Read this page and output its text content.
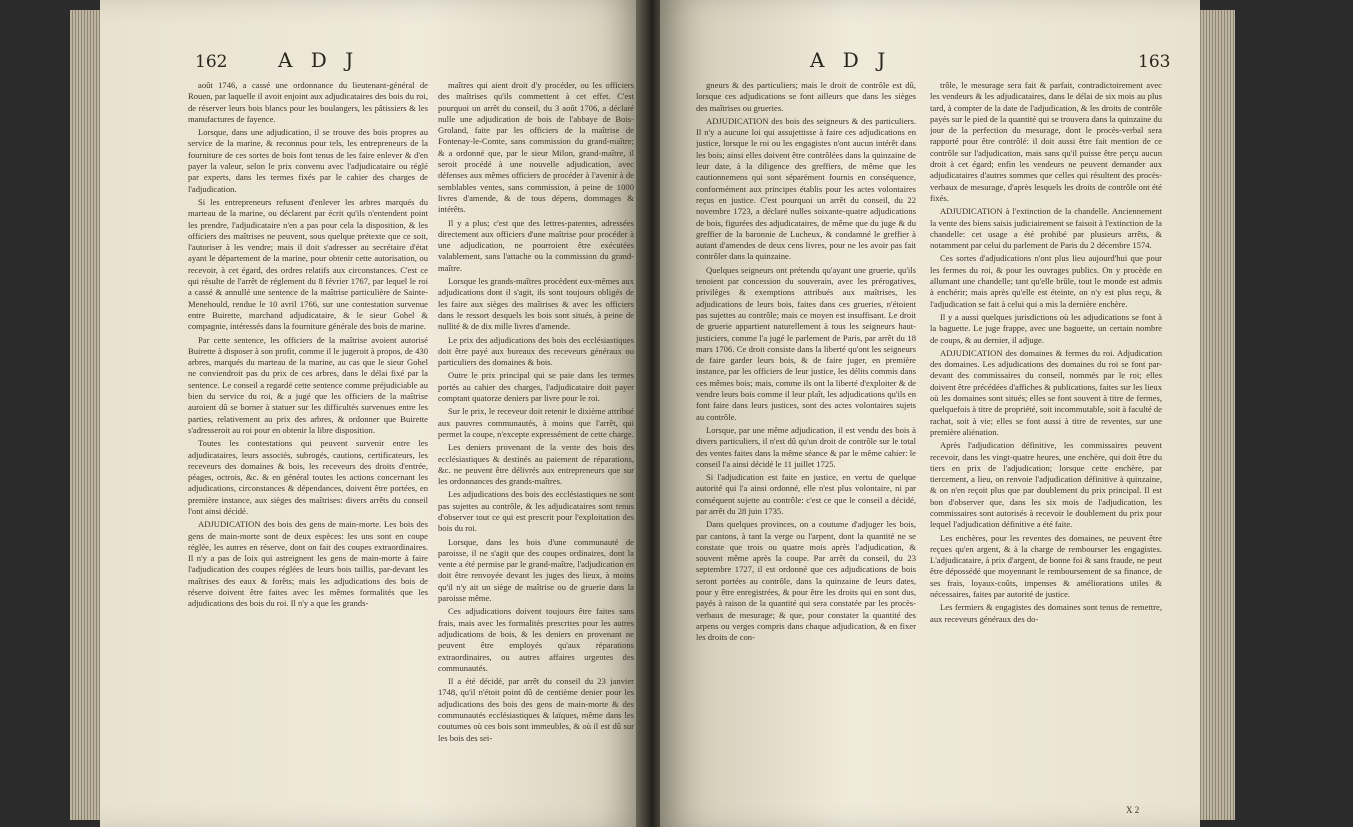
162	A D J

août 1746, a cassé une ordonnance du lieutenant-général de Rouen, par laquelle il avoit enjoint aux adjudicataires des bois du roi, de réserver leurs bois blancs pour les boulangers, les pâtissiers & les manufactures de fayence.

Lorsque, dans une adjudication, il se trouve des bois propres au service de la marine, & reconnus pour tels, les entrepreneurs de la fourniture de ces sortes de bois font tenus de les faire enlever & d'en payer la valeur, selon le prix convenu avec l'adjudicataire ou réglé par experts, dans les termes fixés par le cahier des charges de l'adjudication.

Si les entrepreneurs refusent d'enlever les arbres marqués du marteau de la marine, ou déclarent par écrit qu'ils n'entendent point les prendre, l'adjudicataire n'en a pas pour cela la disposition, & les officiers des maîtrises ne peuvent, sous quelque prétexte que ce soit, l'autoriser à les vendre; mais il doit s'adresser au secrétaire d'état ayant le département de la marine, pour obtenir cette autorisation, ou recevoir, à cet égard, des ordres relatifs aux circonstances. C'est ce qui résulte de l'arrêt de réglement du 8 février 1767, par lequel le roi a cassé & annullé une sentence de la maîtrise particulière de Sainte-Menehould, rendue le 10 avril 1766, sur une contestation survenue entre Buirette, marchand adjudicataire, & le sieur Gohel & compagnie, intéressés dans la fourniture générale des bois de marine.

Par cette sentence, les officiers de la maîtrise avoient autorisé Buirette à disposer à son profit, comme il le jugeroit à propos, de 430 arbres, marqués du marteau de la marine, au cas que le sieur Gohel ne conviendroit pas du prix de ces arbres, dans le délai fixé par la sentence. Le conseil a regardé cette sentence comme préjudiciable au bien du service du roi, & a jugé que les officiers de la maîtrise auroient dû se borner à statuer sur les difficultés survenues entre les parties, relativement au prix des arbres, & ordonner que Buirette s'adresseroit au roi pour en obtenir la libre disposition.

Toutes les contestations qui peuvent survenir entre les adjudicataires, leurs associés, subrogés, cautions, certificateurs, les receveurs des domaines & bois, les receveurs des droits d'entrée, péages, octrois, &c. & en général toutes les actions concernant les adjudications, circonstances & dépendances, doivent être portées, en première instance, aux sièges des maîtrises: divers arrêts du conseil l'ont ainsi décidé.

ADJUDICATION des bois des gens de main-morte. Les bois des gens de main-morte sont de deux espèces: les uns sont en coupe réglée, les autres en réserve, dont on fait des coupes extraordinaires. Il n'y a pas de loix qui astreignent les gens de main-morte à faire l'adjudication des coupes réglées de leurs bois taillis, par-devant les maîtrises des eaux & forêts; mais les adjudications des bois de réserve doivent être faites avec les mêmes formalités que les adjudications des bois du roi. Il n'y a que les grands-

maîtres qui aient droit d'y procéder, ou les officiers des maîtrises qu'ils commettent à cet effet. C'est pourquoi un arrêt du conseil, du 3 août 1706, a déclaré nulle une adjudication de bois de l'abbaye de Bois-Groland, faite par les officiers de la maîtrise de Fontenay-le-Comte, sans commission du grand-maître; & a ordonné que, par le sieur Milon, grand-maître, il seroit procédé à une nouvelle adjudication, avec défenses aux mêmes officiers de procéder à l'avenir à de semblables ventes, sans commission, à peine de 1000 livres d'amende, & de tous dépens, dommages & intérêts.

Il y a plus; c'est que des lettres-patentes, adressées directement aux officiers d'une maîtrise pour procéder à une adjudication, ne pourroient être exécutées valablement, sans l'attache ou la commission du grand-maître.

Lorsque les grands-maîtres procèdent eux-mêmes aux adjudications dont il s'agit, ils sont toujours obligés de les faire aux sièges des maîtrises & avec les officiers dans le ressort desquels les bois sont situés, à peine de nullité & de dix mille livres d'amende.

Le prix des adjudications des bois des ecclésiastiques doit être payé aux bureaux des receveurs généraux ou particuliers des domaines & bois.

Outre le prix principal qui se paie dans les termes portés au cahier des charges, l'adjudicataire doit payer comptant quatorze deniers par livre pour le roi.

Sur le prix, le receveur doit retenir le dixième attribué aux pauvres communautés, à moins que l'arrêt, qui permet la coupe, n'excepte expressément de cette charge.

Les deniers provenant de la vente des bois des ecclésiastiques & destinés au paiement de réparations, &c. ne peuvent être délivrés aux entrepreneurs que sur les ordonnances des grands-maîtres.

Les adjudications des bois des ecclésiastiques ne sont pas sujettes au contrôle, & les adjudicataires sont tenus d'observer tout ce qui est prescrit pour l'exploitation des bois du roi.

Lorsque, dans les bois d'une communauté de paroisse, il ne s'agit que des coupes ordinaires, dont la vente a été permise par le grand-maître, l'adjudication en doit être renvoyée devant les juges des lieux, à moins qu'il n'y ait un siège de maîtrise ou de gruerie dans la paroisse même.

Ces adjudications doivent toujours être faites sans frais, mais avec les formalités prescrites pour les autres adjudications de bois, & les deniers en provenant ne peuvent être employés qu'aux réparations extraordinaires, ou autres affaires urgentes des communautés.

Il a été décidé, par arrêt du conseil du 23 janvier 1748, qu'il n'étoit point dû de centième denier pour les adjudications des bois des gens de main-morte & des communautés ecclésiastiques & laïques, même dans les coutumes où ces bois sont immeubles, & où il est dû sur les bois des sei-

A D J	163

gneurs & des particuliers; mais le droit de contrôle est dû, lorsque ces adjudications se font ailleurs que dans les sièges des maîtrises ou grueries.

ADJUDICATION des bois des seigneurs & des particuliers. Il n'y a aucune loi qui assujettisse à faire ces adjudications en justice, lorsque le roi ou les engagistes n'ont aucun intérêt dans les bois; ainsi elles doivent être contrôlées dans la quinzaine de leur date, à la diligence des greffiers, de même que les cautionnemens qui sont séparément fournis en conséquence, conformément aux principes établis pour les actes volontaires reçus en justice. C'est pourquoi un arrêt du conseil, du 22 novembre 1723, a déclaré nulles soixante-quatre adjudications de bois, figurées des adjudicataires, de même que du juge & du greffier de la baronnie de Lucheux, & condamné le greffier à autant d'amendes de deux cens livres, pour ne les avoir pas fait contrôler dans la quinzaine.

Quelques seigneurs ont prétendu qu'ayant une gruerie, qu'ils tenoient par concession du souverain, avec les prérogatives, privilèges & exemptions attribués aux maîtrises, les adjudications de leurs bois, faites dans ces grueries, n'étoient pas sujettes au contrôle; mais ce moyen est insuffisant. Le droit de gruerie appartient naturellement à tous les seigneurs haut-justiciers, comme l'a jugé le parlement de Paris, par arrêt du 18 mars 1706. Ce droit consiste dans la liberté qu'ont les seigneurs de faire garder leurs bois, & de faire juger, en première instance, par les officiers de leur justice, les délits commis dans ces mêmes bois; mais, comme ils ont la liberté d'exploiter & de vendre leurs bois comme il leur plaît, les adjudications qu'ils en font faire dans leurs justices, sont des actes volontaires sujets au contrôle.

Lorsque, par une même adjudication, il est vendu des bois à divers particuliers, il n'est dû qu'un droit de contrôle sur le total des ventes faites dans la même séance & par le même cahier: le conseil l'a ainsi décidé le 11 juillet 1725.

Si l'adjudication est faite en justice, en vertu de quelque autorité qui l'a ainsi ordonné, elle n'est plus volontaire, ni par conséquent sujette au contrôle: c'est ce que le conseil a décidé, par arrêt du 28 juin 1735.

Dans quelques provinces, on a coutume d'adjuger les bois, par cantons, à tant la verge ou l'arpent, dont la quantité ne se constate que trois ou quatre mois après l'adjudication, & souvent même après la coupe. Par arrêt du conseil, du 23 septembre 1727, il est ordonné que ces adjudications de bois seront portées au contrôle, dans la quinzaine de leurs dates, pour y être enregistrées, & pour être les droits qui en sont dus, payés à raison de la quantité qui sera constatée par les procès-verbaux de mesurage; & que, pour constater la quantité des arpens ou verges compris dans chaque adjudication, & en fixer les droits de con-

trôle, le mesurage sera fait & parfait, contradictoirement avec les vendeurs & les adjudicataires, dans le délai de six mois au plus tard, à compter de la date de l'adjudication, & les droits de contrôle payés sur le pied de la quantité qui se trouvera dans la quinzaine du jour de la perfection du mesurage, dont le procès-verbal sera rapporté pour être contrôlé: il doit aussi être fait mention de ce contrôle sur l'adjudication, mais sans qu'il puisse être perçu aucun droit à cet égard; enfin les vendeurs ne peuvent demander aux adjudicataires d'autres sommes que celles qui résultent des procès-verbaux de mesurage, d'après lesquels les droits de contrôle ont été fixés.

ADJUDICATION à l'extinction de la chandelle. Anciennement la vente des biens saisis judiciairement se faisoit à l'extinction de la chandelle: cet usage a été prohibé par plusieurs arrêts, & notamment par celui du parlement de Paris du 2 décembre 1574.

Ces sortes d'adjudications n'ont plus lieu aujourd'hui que pour les fermes du roi, & pour les ouvrages publics. On y procède en allumant une chandelle; tant qu'elle brûle, tout le monde est admis à enchérir; mais après qu'elle est éteinte, on n'y est plus reçu, & l'adjudication se fait à celui qui a mis la dernière enchère.

Il y a aussi quelques jurisdictions où les adjudications se font à la baguette. Le juge frappe, avec une baguette, un certain nombre de coups, & au dernier, il adjuge.

ADJUDICATION des domaines & fermes du roi. Adjudication des domaines. Les adjudications des domaines du roi se font par-devant des commissaires du conseil, nommés par le roi; elles doivent être précédées d'affiches & publications, faites sur les lieux où les domaines sont situés; elles se font souvent à titre de fermes, quelquefois à titre de propriété, soit incommutable, soit à faculté de rachat, soit à vie; elles se font aussi à titre de reventes, sur une première aliénation.

Après l'adjudication définitive, les commissaires peuvent recevoir, dans les vingt-quatre heures, une enchère, qui doit être du tiers en prix de l'adjudication; lorsque cette enchère, par tiercement, a lieu, on renvoie l'adjudication définitive à quinzaine, & on n'en reçoit plus que par doublement du prix principal. Il est bon d'observer que, dans les six mois de l'adjudication, les commissaires sont autorisés à recevoir le doublement du prix pour lequel l'adjudication définitive a été faite.

Les enchères, pour les reventes des domaines, ne peuvent être reçues qu'en argent, & à la charge de rembourser les engagistes. L'adjudicataire, à prix d'argent, de bonne foi & sans fraude, ne peut être dépossédé que moyennant le remboursement de sa finance, de ses frais, loyaux-coûts, impenses & améliorations utiles & nécessaires, faites par autorité de justice.

Les fermiers & engagistes des domaines sont tenus de remettre, aux receveurs généraux des do-

X 2
